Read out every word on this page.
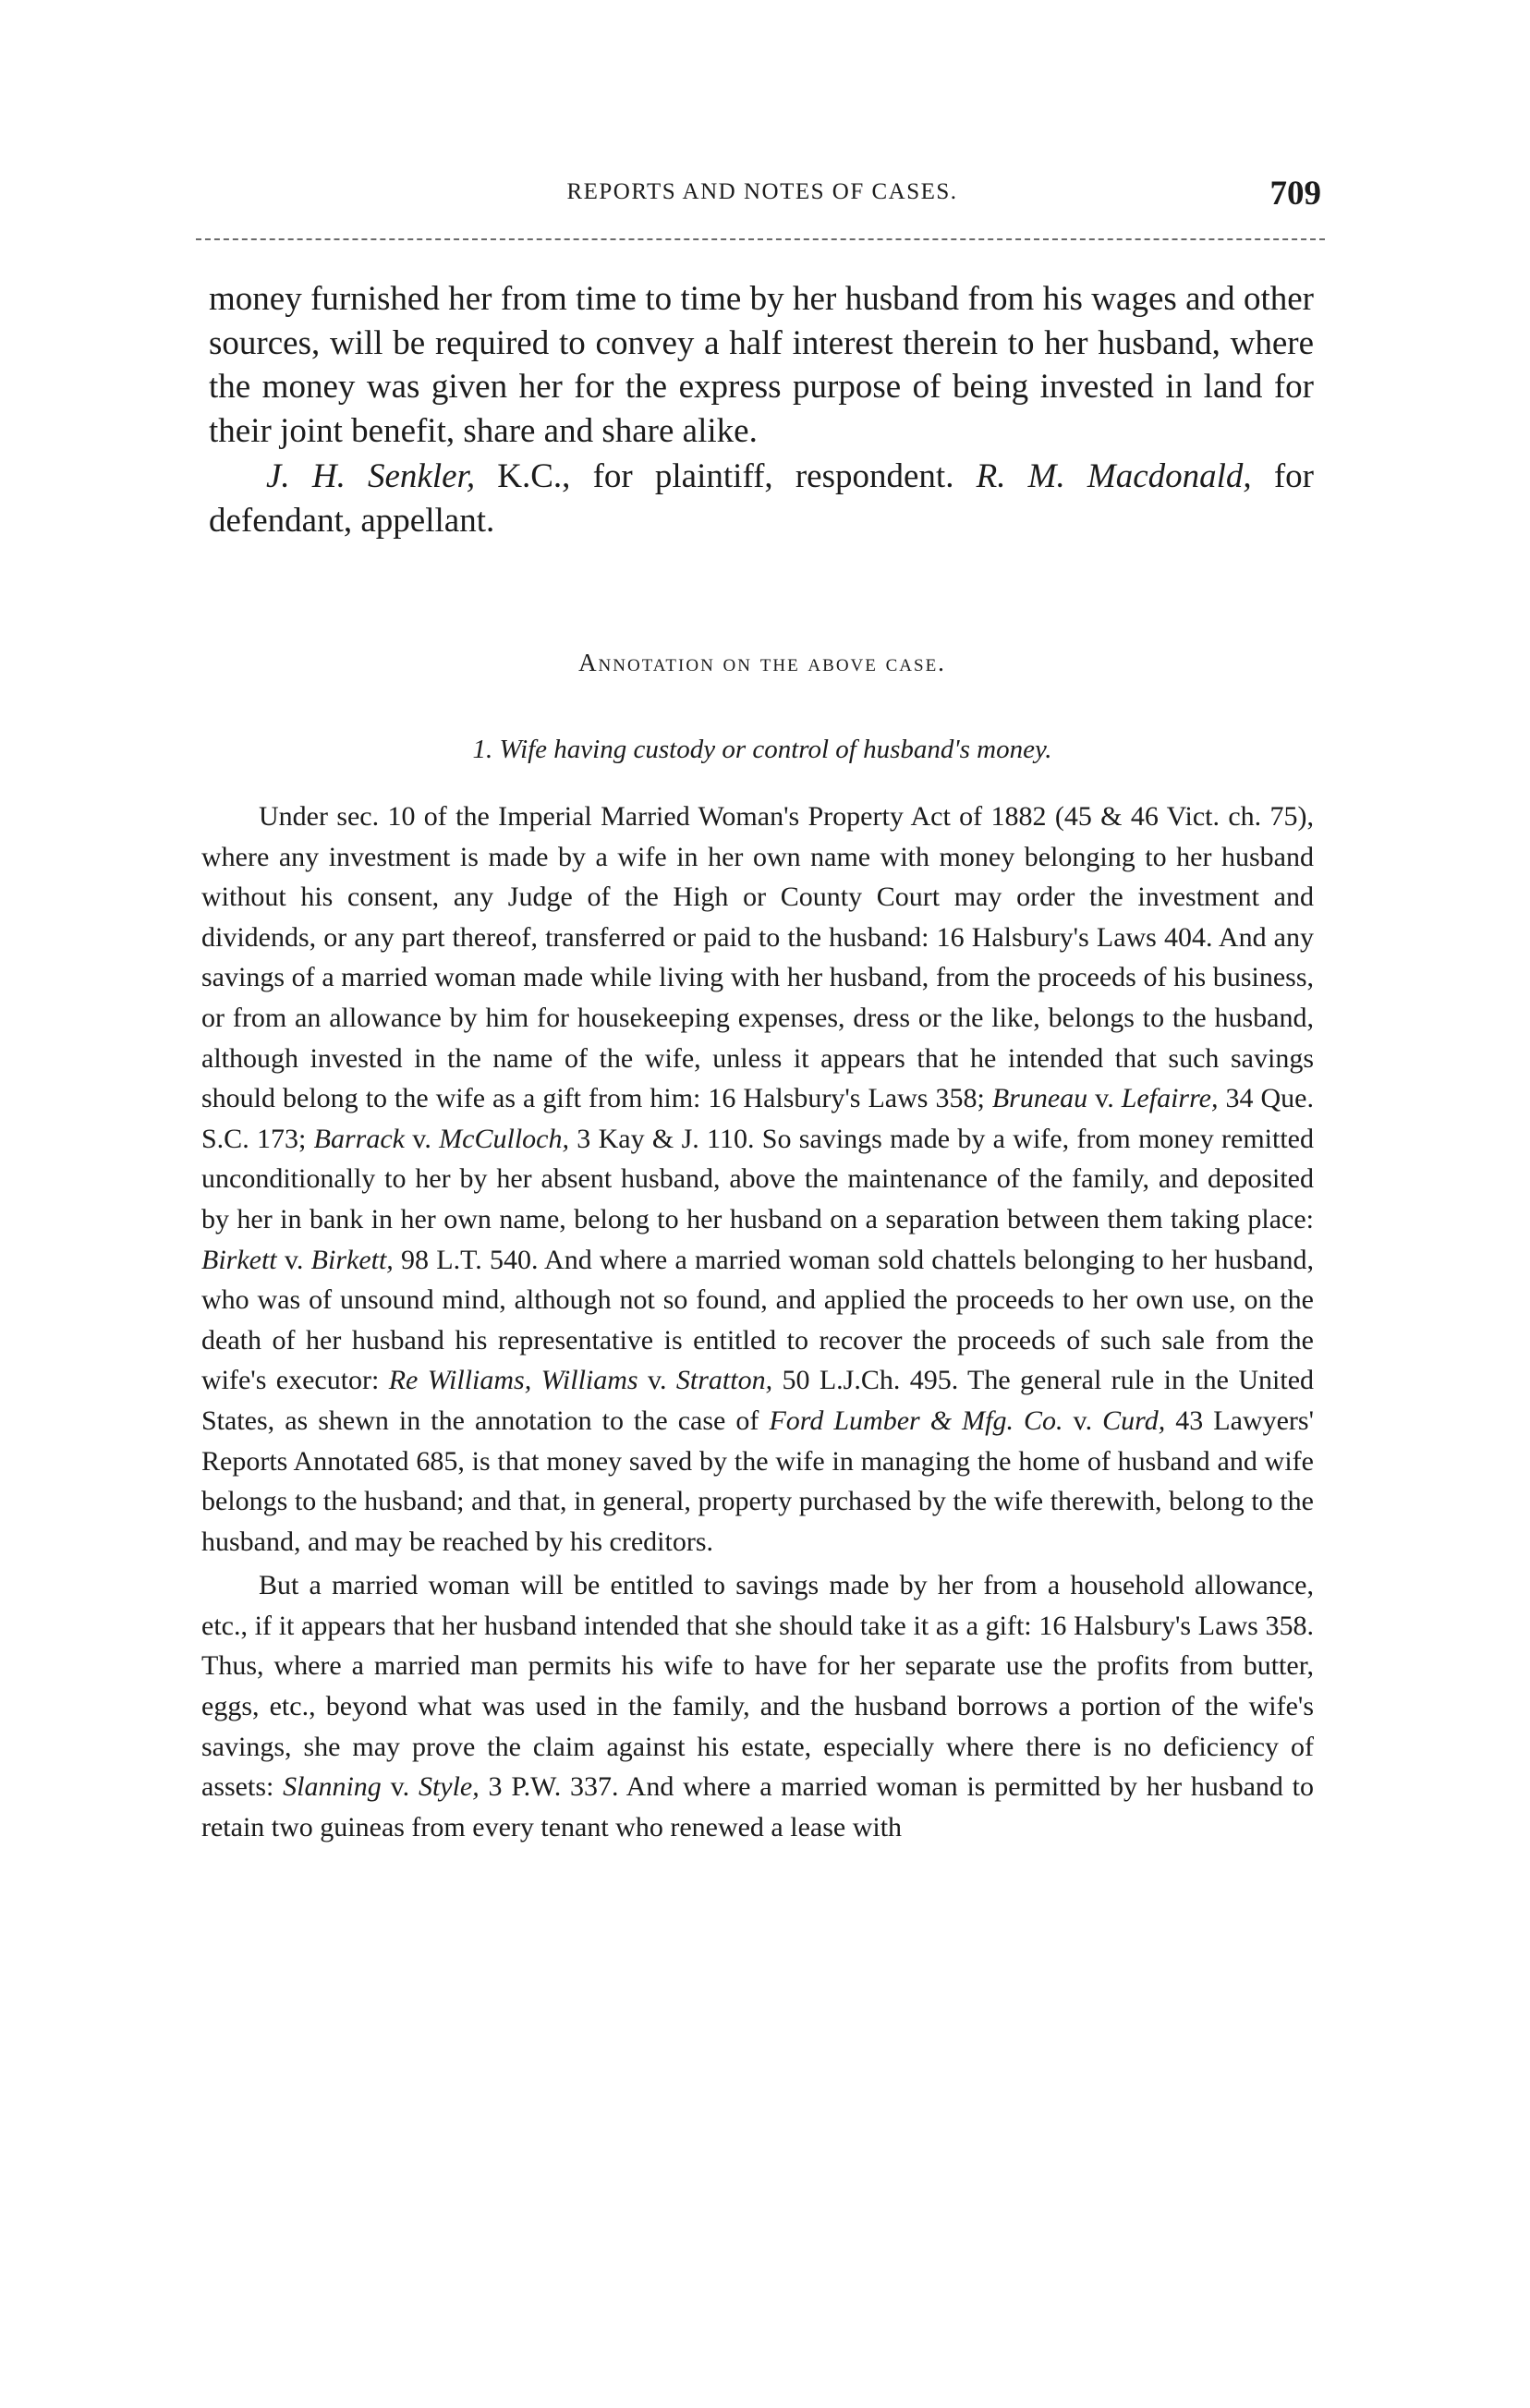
REPORTS AND NOTES OF CASES.	709

money furnished her from time to time by her husband from his wages and other sources, will be required to convey a half interest therein to her husband, where the money was given her for the express purpose of being invested in land for their joint benefit, share and share alike.

J. H. Senkler, K.C., for plaintiff, respondent. R. M. Macdonald, for defendant, appellant.

Annotation on the above case.
1. Wife having custody or control of husband's money.

Under sec. 10 of the Imperial Married Woman's Property Act of 1882 (45 & 46 Vict. ch. 75), where any investment is made by a wife in her own name with money belonging to her husband without his consent, any Judge of the High or County Court may order the investment and dividends, or any part thereof, transferred or paid to the husband: 16 Halsbury's Laws 404. And any savings of a married woman made while living with her husband, from the proceeds of his business, or from an allowance by him for housekeeping expenses, dress or the like, belongs to the husband, although invested in the name of the wife, unless it appears that he intended that such savings should belong to the wife as a gift from him: 16 Halsbury's Laws 358; Bruneau v. Lefairre, 34 Que. S.C. 173; Barrack v. McCulloch, 3 Kay & J. 110. So savings made by a wife, from money remitted unconditionally to her by her absent husband, above the maintenance of the family, and deposited by her in bank in her own name, belong to her husband on a separation between them taking place: Birkett v. Birkett, 98 L.T. 540. And where a married woman sold chattels belonging to her husband, who was of unsound mind, although not so found, and applied the proceeds to her own use, on the death of her husband his representative is entitled to recover the proceeds of such sale from the wife's executor: Re Williams, Williams v. Stratton, 50 L.J.Ch. 495. The general rule in the United States, as shewn in the annotation to the case of Ford Lumber & Mfg. Co. v. Curd, 43 Lawyers' Reports Annotated 685, is that money saved by the wife in managing the home of husband and wife belongs to the husband; and that, in general, property purchased by the wife therewith, belong to the husband, and may be reached by his creditors.

But a married woman will be entitled to savings made by her from a household allowance, etc., if it appears that her husband intended that she should take it as a gift: 16 Halsbury's Laws 358. Thus, where a married man permits his wife to have for her separate use the profits from butter, eggs, etc., beyond what was used in the family, and the husband borrows a portion of the wife's savings, she may prove the claim against his estate, especially where there is no deficiency of assets: Slanning v. Style, 3 P.W. 337. And where a married woman is permitted by her husband to retain two guineas from every tenant who renewed a lease with
